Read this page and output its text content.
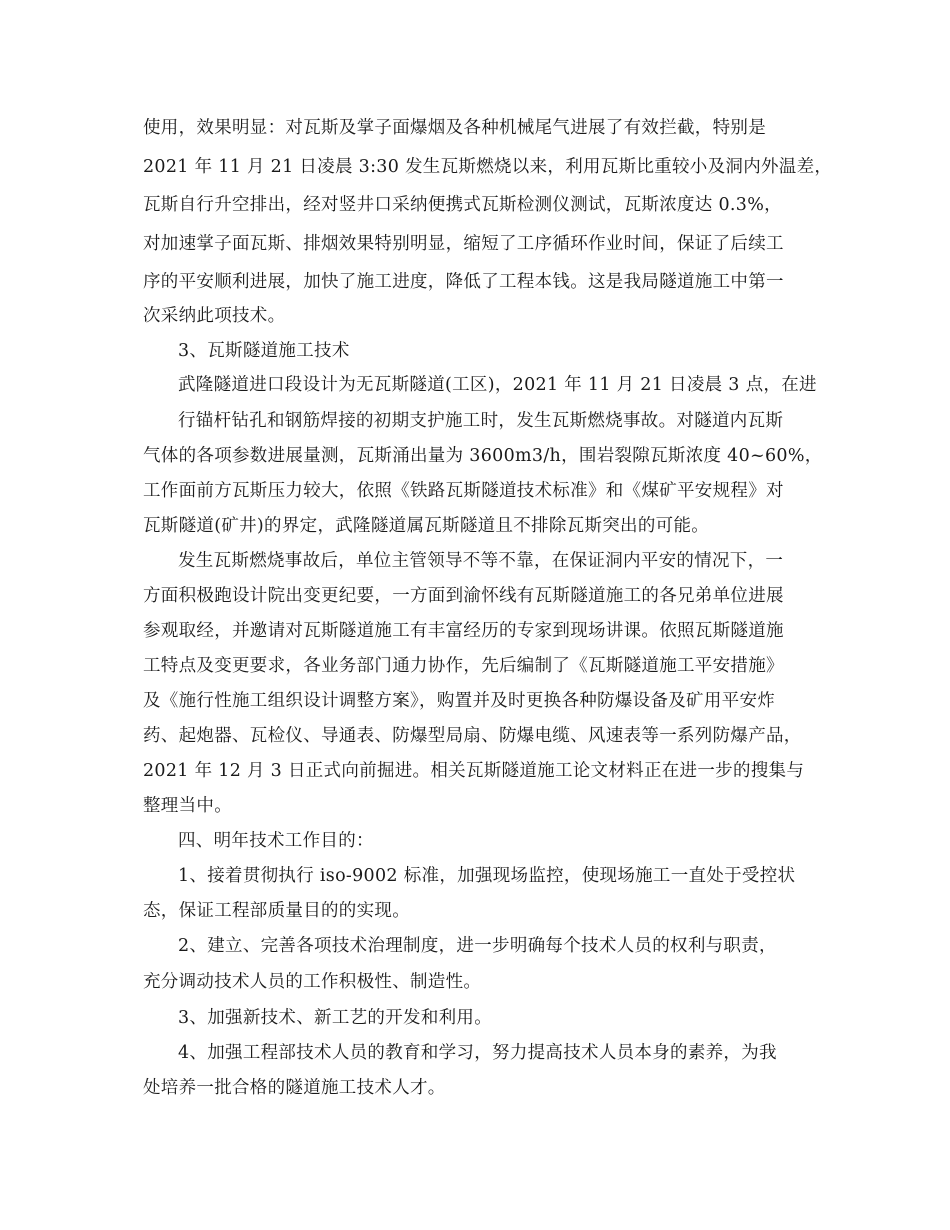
使用，效果明显：对瓦斯及掌子面爆烟及各种机械尾气进展了有效拦截，特别是
2021 年 11 月 21 日凌晨 3:30 发生瓦斯燃烧以来，利用瓦斯比重较小及洞内外温差，
瓦斯自行升空排出，经对竖井口采纳便携式瓦斯检测仪测试，瓦斯浓度达 0.3%，
对加速掌子面瓦斯、排烟效果特别明显，缩短了工序循环作业时间，保证了后续工
序的平安顺利进展，加快了施工进度，降低了工程本钱。这是我局隧道施工中第一
次采纳此项技术。
3、瓦斯隧道施工技术
武隆隧道进口段设计为无瓦斯隧道(工区)，2021 年 11 月 21 日凌晨 3 点，在进
行锚杆钻孔和钢筋焊接的初期支护施工时，发生瓦斯燃烧事故。对隧道内瓦斯
气体的各项参数进展量测，瓦斯涌出量为 3600m3/h，围岩裂隙瓦斯浓度 40~60%，
工作面前方瓦斯压力较大，依照《铁路瓦斯隧道技术标准》和《煤矿平安规程》对
瓦斯隧道(矿井)的界定，武隆隧道属瓦斯隧道且不排除瓦斯突出的可能。
发生瓦斯燃烧事故后，单位主管领导不等不靠，在保证洞内平安的情况下，一
方面积极跑设计院出变更纪要，一方面到渝怀线有瓦斯隧道施工的各兄弟单位进展
参观取经，并邀请对瓦斯隧道施工有丰富经历的专家到现场讲课。依照瓦斯隧道施
工特点及变更要求，各业务部门通力协作，先后编制了《瓦斯隧道施工平安措施》
及《施行性施工组织设计调整方案》，购置并及时更换各种防爆设备及矿用平安炸
药、起炮器、瓦检仪、导通表、防爆型局扇、防爆电缆、风速表等一系列防爆产品，
2021 年 12 月 3 日正式向前掘进。相关瓦斯隧道施工论文材料正在进一步的搜集与
整理当中。
四、明年技术工作目的：
1、接着贯彻执行 iso-9002 标准，加强现场监控，使现场施工一直处于受控状
态，保证工程部质量目的的实现。
2、建立、完善各项技术治理制度，进一步明确每个技术人员的权利与职责，
充分调动技术人员的工作积极性、制造性。
3、加强新技术、新工艺的开发和利用。
4、加强工程部技术人员的教育和学习，努力提高技术人员本身的素养，为我
处培养一批合格的隧道施工技术人才。
